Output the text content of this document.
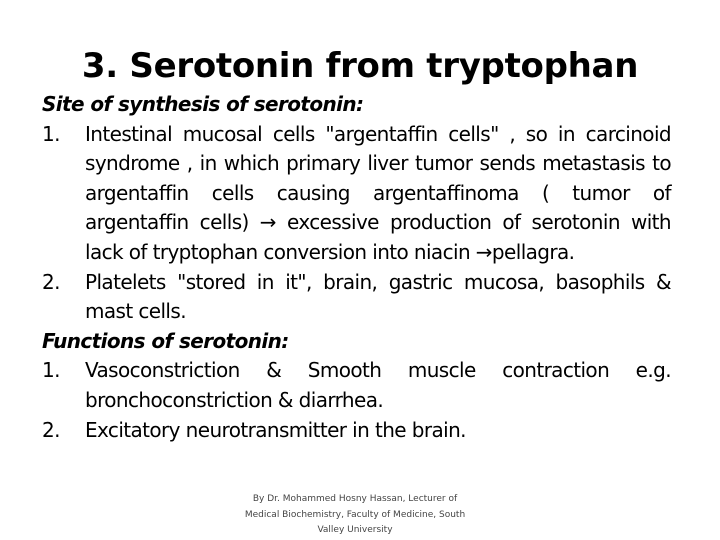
3. Serotonin from tryptophan
Site of synthesis of serotonin:
1. Intestinal mucosal cells "argentaffin cells" , so in carcinoid syndrome , in which primary liver tumor sends metastasis to argentaffin cells causing argentaffinoma ( tumor of argentaffin cells) → excessive production of serotonin with lack of tryptophan conversion into niacin →pellagra.
2. Platelets "stored in it", brain, gastric mucosa, basophils & mast cells.
Functions of serotonin:
1. Vasoconstriction & Smooth muscle contraction e.g. bronchoconstriction & diarrhea.
2. Excitatory neurotransmitter in the brain.
By Dr. Mohammed Hosny Hassan, Lecturer of Medical Biochemistry, Faculty of Medicine, South Valley University
